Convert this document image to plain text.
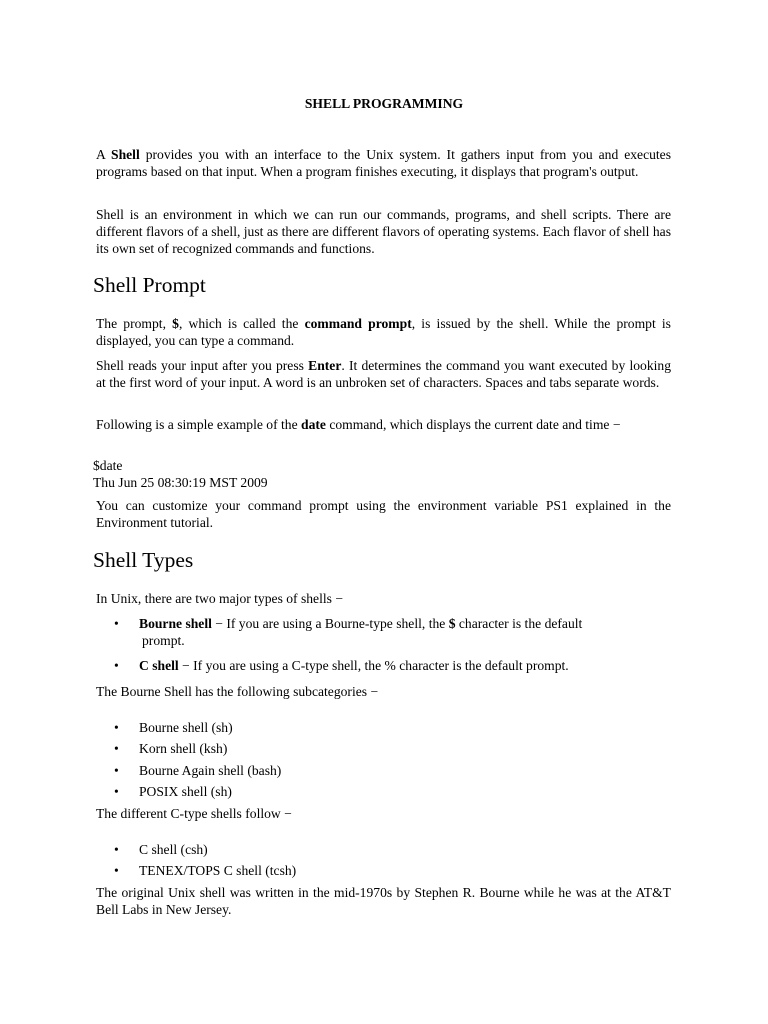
SHELL PROGRAMMING

A Shell provides you with an interface to the Unix system. It gathers input from you and executes programs based on that input. When a program finishes executing, it displays that program's output.

Shell is an environment in which we can run our commands, programs, and shell scripts. There are different flavors of a shell, just as there are different flavors of operating systems. Each flavor of shell has its own set of recognized commands and functions.

Shell Prompt

The prompt, $, which is called the command prompt, is issued by the shell. While the prompt is displayed, you can type a command.

Shell reads your input after you press Enter. It determines the command you want executed by looking at the first word of your input. A word is an unbroken set of characters. Spaces and tabs separate words.

Following is a simple example of the date command, which displays the current date and time −

$date
Thu Jun 25 08:30:19 MST 2009

You can customize your command prompt using the environment variable PS1 explained in the Environment tutorial.

Shell Types

In Unix, there are two major types of shells −

•	Bourne shell − If you are using a Bourne-type shell, the $ character is the default
prompt.
•	C shell − If you are using a C-type shell, the % character is the default prompt.

The Bourne Shell has the following subcategories −

•	Bourne shell (sh)
•	Korn shell (ksh)
•	Bourne Again shell (bash)
•	POSIX shell (sh)

The different C-type shells follow −

•	C shell (csh)
•	TENEX/TOPS C shell (tcsh)

The original Unix shell was written in the mid-1970s by Stephen R. Bourne while he was at the AT&T Bell Labs in New Jersey.
